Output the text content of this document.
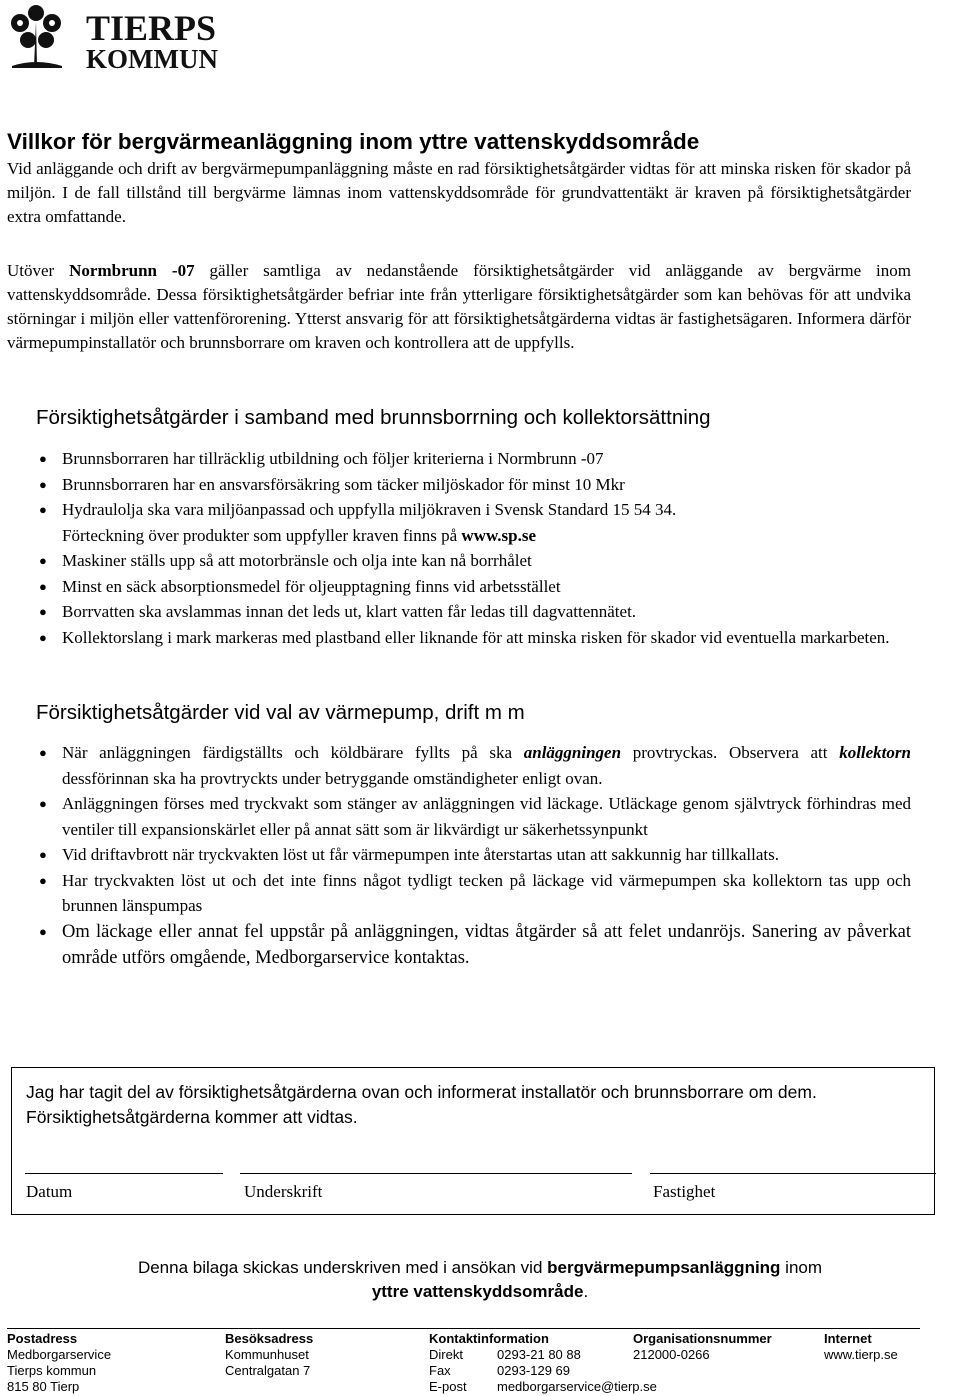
TIERPS
KOMMUN
Villkor för bergvärmeanläggning inom yttre vattenskyddsområde

Vid anläggande och drift av bergvärmepumpanläggning måste en rad försiktighetsåtgärder vidtas för att minska risken för skador på miljön. I de fall tillstånd till bergvärme lämnas inom vattenskyddsområde för grundvattentäkt är kraven på försiktighetsåtgärder extra omfattande.

Utöver Normbrunn -07 gäller samtliga av nedanstående försiktighetsåtgärder vid anläggande av bergvärme inom vattenskyddsområde. Dessa försiktighetsåtgärder befriar inte från ytterligare försiktighetsåtgärder som kan behövas för att undvika störningar i miljön eller vattenförorening. Ytterst ansvarig för att försiktighetsåtgärderna vidtas är fastighetsägaren. Informera därför värmepumpinstallatör och brunnsborrare om kraven och kontrollera att de uppfylls.

Försiktighetsåtgärder i samband med brunnsborrning och kollektorsättning
● Brunnsborraren har tillräcklig utbildning och följer kriterierna i Normbrunn -07
● Brunnsborraren har en ansvarsförsäkring som täcker miljöskador för minst 10 Mkr
● Hydraulolja ska vara miljöanpassad och uppfylla miljökraven i Svensk Standard 15 54 34.
Förteckning över produkter som uppfyller kraven finns på www.sp.se
● Maskiner ställs upp så att motorbränsle och olja inte kan nå borrhålet
● Minst en säck absorptionsmedel för oljeupptagning finns vid arbetsstället
● Borrvatten ska avslammas innan det leds ut, klart vatten får ledas till dagvattennätet.
● Kollektorslang i mark markeras med plastband eller liknande för att minska risken för skador vid eventuella markarbeten.
Försiktighetsåtgärder vid val av värmepump, drift m m
● När anläggningen färdigställts och köldbärare fyllts på ska anläggningen provtryckas. Observera att kollektorn dessförinnan ska ha provtryckts under betryggande omständigheter enligt ovan.
● Anläggningen förses med tryckvakt som stänger av anläggningen vid läckage. Utläckage genom självtryck förhindras med ventiler till expansionskärlet eller på annat sätt som är likvärdigt ur säkerhetssynpunkt
● Vid driftavbrott när tryckvakten löst ut får värmepumpen inte återstartas utan att sakkunnig har tillkallats.
● Har tryckvakten löst ut och det inte finns något tydligt tecken på läckage vid värmepumpen ska kollektorn tas upp och brunnen länspumpas
● Om läckage eller annat fel uppstår på anläggningen, vidtas åtgärder så att felet undanröjs. Sanering av påverkat område utförs omgående, Medborgarservice kontaktas.

Jag har tagit del av försiktighetsåtgärderna ovan och informerat installatör och brunnsborrare om dem. Försiktighetsåtgärderna kommer att vidtas.

Datum	Underskrift	Fastighet

Denna bilaga skickas underskriven med i ansökan vid bergvärmepumpsanläggning inom
yttre vattenskyddsområde.

Postadress
Medborgarservice
Tierps kommun
815 80 Tierp
Besöksadress
Kommunhuset
Centralgatan 7
Kontaktinformation
Direkt	0293-21 80 88
Fax	0293-129 69
E-post	medborgarservice@tierp.se
Organisationsnummer
212000-0266
Internet
www.tierp.se
